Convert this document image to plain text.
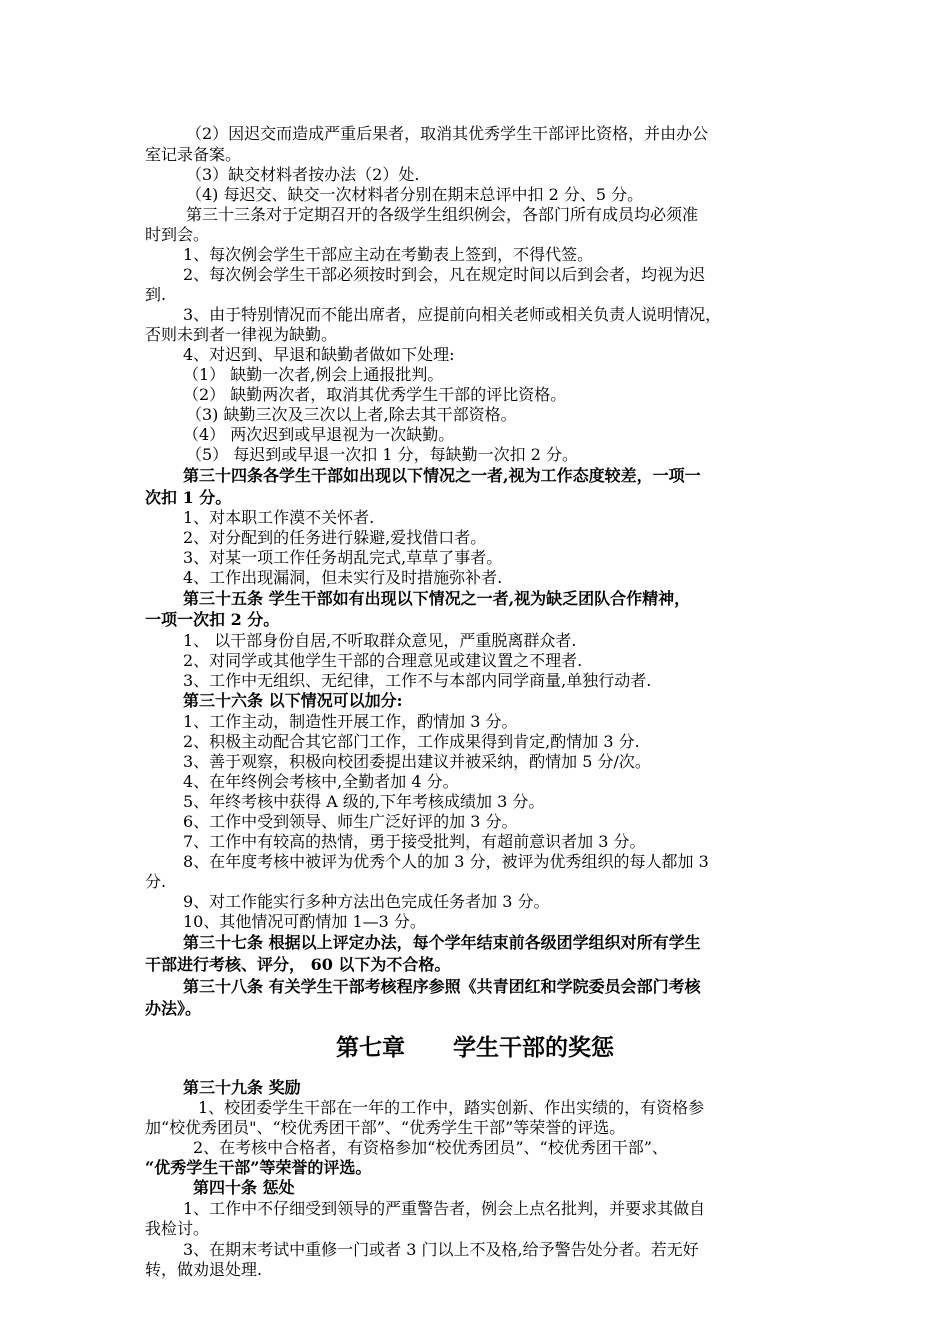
（2）因迟交而造成严重后果者，取消其优秀学生干部评比资格，并由办公
室记录备案。
（3）缺交材料者按办法（2）处.
（4) 每迟交、缺交一次材料者分别在期末总评中扣 2 分、5 分。
第三十三条对于定期召开的各级学生组织例会，各部门所有成员均必须准
时到会。
1、每次例会学生干部应主动在考勤表上签到，不得代签。
2、每次例会学生干部必须按时到会，凡在规定时间以后到会者，均视为迟
到.
3、由于特别情况而不能出席者，应提前向相关老师或相关负责人说明情况，
否则未到者一律视为缺勤。
4、对迟到、早退和缺勤者做如下处理:
（1） 缺勤一次者,例会上通报批判。
（2） 缺勤两次者，取消其优秀学生干部的评比资格。
（3) 缺勤三次及三次以上者,除去其干部资格。
（4） 两次迟到或早退视为一次缺勤。
（5） 每迟到或早退一次扣 1 分，每缺勤一次扣 2 分。
第三十四条各学生干部如出现以下情况之一者,视为工作态度较差，一项一
次扣 1 分。
1、对本职工作漠不关怀者.
2、对分配到的任务进行躲避,爱找借口者。
3、对某一项工作任务胡乱完式,草草了事者。
4、工作出现漏洞，但未实行及时措施弥补者.
第三十五条 学生干部如有出现以下情况之一者,视为缺乏团队合作精神，
一项一次扣 2 分。
1、 以干部身份自居,不听取群众意见，严重脱离群众者.
2、对同学或其他学生干部的合理意见或建议置之不理者.
3、工作中无组织、无纪律，工作不与本部内同学商量,单独行动者.
第三十六条 以下情况可以加分:
1、工作主动，制造性开展工作，酌情加 3 分。
2、积极主动配合其它部门工作，工作成果得到肯定,酌情加 3 分.
3、善于观察，积极向校团委提出建议并被采纳，酌情加 5 分/次。
4、在年终例会考核中,全勤者加 4 分。
5、年终考核中获得 A 级的,下年考核成绩加 3 分。
6、工作中受到领导、师生广泛好评的加 3 分。
7、工作中有较高的热情，勇于接受批判，有超前意识者加 3 分。
8、在年度考核中被评为优秀个人的加 3 分，被评为优秀组织的每人都加 3
分.
9、对工作能实行多种方法出色完成任务者加 3 分。
10、其他情况可酌情加 1—3 分。
第三十七条 根据以上评定办法，每个学年结束前各级团学组织对所有学生
干部进行考核、评分， 60 以下为不合格。
第三十八条 有关学生干部考核程序参照《共青团红和学院委员会部门考核
办法》。
第七章      学生干部的奖惩
第三十九条 奖励
1、校团委学生干部在一年的工作中，踏实创新、作出实绩的，有资格参
加“校优秀团员"、“校优秀团干部”、“优秀学生干部”等荣誉的评选。
2、在考核中合格者，有资格参加“校优秀团员”、“校优秀团干部”、
“优秀学生干部”等荣誉的评选。
第四十条 惩处
1、工作中不仔细受到领导的严重警告者，例会上点名批判，并要求其做自
我检讨。
3、在期末考试中重修一门或者 3 门以上不及格,给予警告处分者。若无好
转，做劝退处理.
